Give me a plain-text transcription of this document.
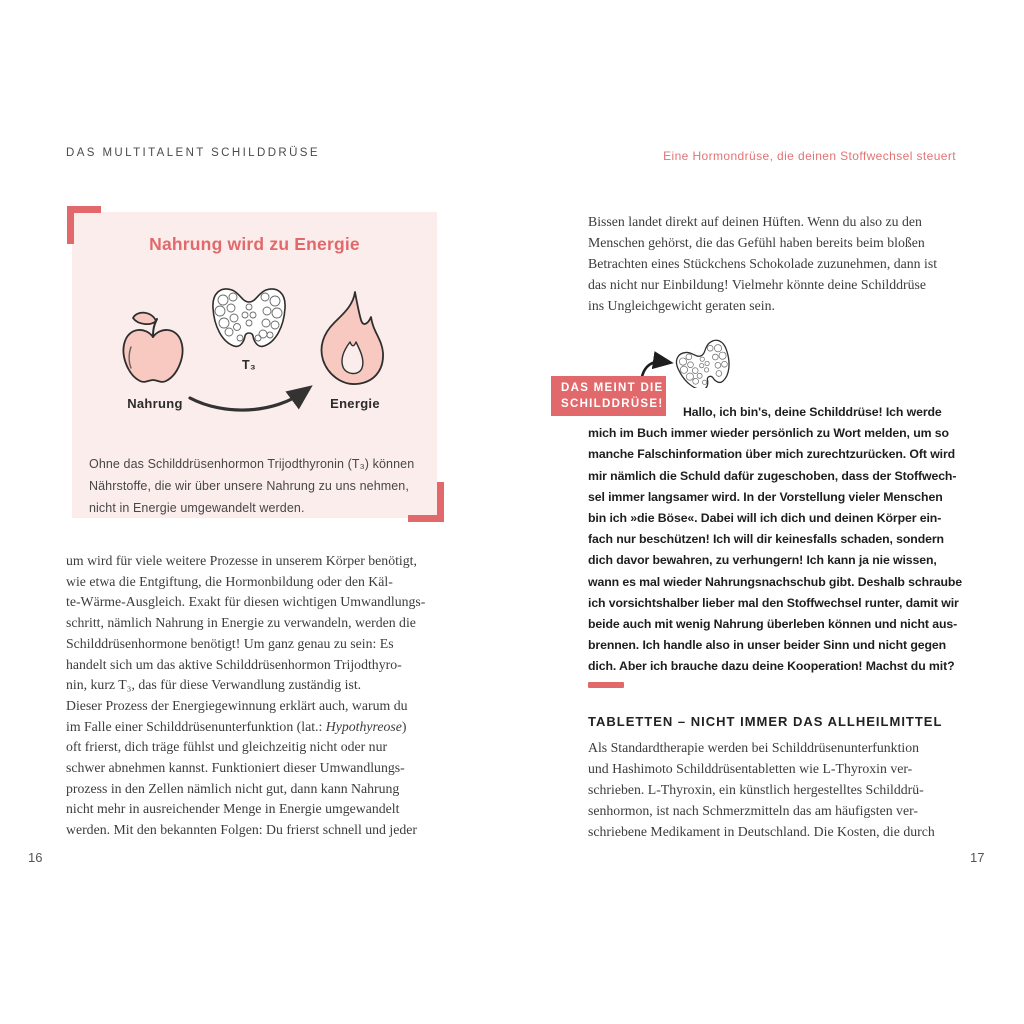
DAS MULTITALENT SCHILDDRÜSE
Nahrung wird zu Energie
Nahrung
T₃
Energie
Ohne das Schilddrüsenhormon Trijodthyronin (T₃) können
Nährstoffe, die wir über unsere Nahrung zu uns nehmen,
nicht in Energie umgewandelt werden.
um wird für viele weitere Prozesse in unserem Körper benötigt,
wie etwa die Entgiftung, die Hormonbildung oder den Käl-
te-Wärme-Ausgleich. Exakt für diesen wichtigen Umwandlungs-
schritt, nämlich Nahrung in Energie zu verwandeln, werden die
Schilddrüsenhormone benötigt! Um ganz genau zu sein: Es
handelt sich um das aktive Schilddrüsenhormon Trijodthyro-
nin, kurz T₃, das für diese Verwandlung zuständig ist.
Dieser Prozess der Energiegewinnung erklärt auch, warum du
im Falle einer Schilddrüsenunterfunktion (lat.: Hypothyreose)
oft frierst, dich träge fühlst und gleichzeitig nicht oder nur
schwer abnehmen kannst. Funktioniert dieser Umwandlungs-
prozess in den Zellen nämlich nicht gut, dann kann Nahrung
nicht mehr in ausreichender Menge in Energie umgewandelt
werden. Mit den bekannten Folgen: Du frierst schnell und jeder
16
Eine Hormondrüse, die deinen Stoffwechsel steuert
Bissen landet direkt auf deinen Hüften. Wenn du also zu den
Menschen gehörst, die das Gefühl haben bereits beim bloßen
Betrachten eines Stückchens Schokolade zuzunehmen, dann ist
das nicht nur Einbildung! Vielmehr könnte deine Schilddrüse
ins Ungleichgewicht geraten sein.
DAS MEINT DIE
SCHILDDRÜSE!
Hallo, ich bin's, deine Schilddrüse! Ich werde
mich im Buch immer wieder persönlich zu Wort melden, um so
manche Falschinformation über mich zurechtzurücken. Oft wird
mir nämlich die Schuld dafür zugeschoben, dass der Stoffwech-
sel immer langsamer wird. In der Vorstellung vieler Menschen
bin ich »die Böse«. Dabei will ich dich und deinen Körper ein-
fach nur beschützen! Ich will dir keinesfalls schaden, sondern
dich davor bewahren, zu verhungern! Ich kann ja nie wissen,
wann es mal wieder Nahrungsnachschub gibt. Deshalb schraube
ich vorsichtshalber lieber mal den Stoffwechsel runter, damit wir
beide auch mit wenig Nahrung überleben können und nicht aus-
brennen. Ich handle also in unser beider Sinn und nicht gegen
dich. Aber ich brauche dazu deine Kooperation! Machst du mit?
TABLETTEN – NICHT IMMER DAS ALLHEILMITTEL
Als Standardtherapie werden bei Schilddrüsenunterfunktion
und Hashimoto Schilddrüsentabletten wie L-Thyroxin ver-
schrieben. L-Thyroxin, ein künstlich hergestelltes Schilddrü-
senhormon, ist nach Schmerzmitteln das am häufigsten ver-
schriebene Medikament in Deutschland. Die Kosten, die durch
17
